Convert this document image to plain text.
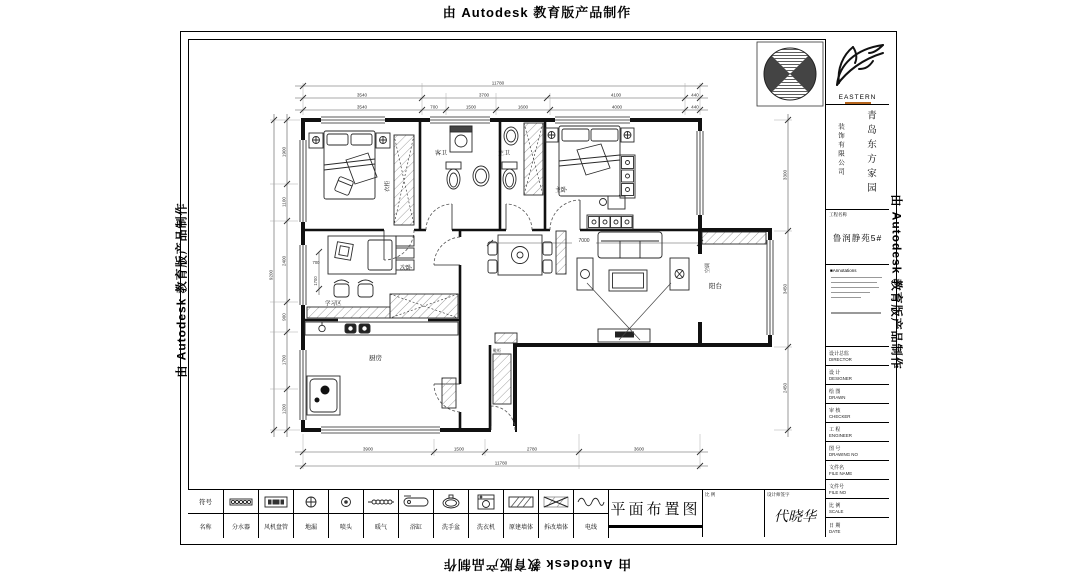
由 Autodesk 教育版产品制作
由 Autodesk 教育版产品制作
由 Autodesk 教育版产品制作	由 Autodesk 教育版产品制作
11780
3540	3700	4100	440
3540	700	1500	1600	4000	440
9200
1900
1100
2400
900
1700
1200
3300
3450
2450
3900	1500	2780	3600
11780
7000
1700
700
衣柜
客卫	主卫
主卧
次卧
学习区
厨房
阳台
空调
鞋柜
EASTERN
青岛东方家园
装饰有限公司
工程名称
鲁润静苑5#
■Annotations
设计总监
DIRECTOR
设 计
DESIGNER
绘 图
DRAWN
审 核
CHECKER
工 程
ENGINEER
图 号
DRAWING NO
文件名
FILE NAME
文件号
FILE NO
比 例
SCALE
日 期
DATE
符号
名称	分水器	风机盘管	地漏	喷头	暖气	浴缸	洗手盆	洗衣机	原建墙体	拆改墙体	电线
平面布置图
比 例	设计师签字
代晓华
